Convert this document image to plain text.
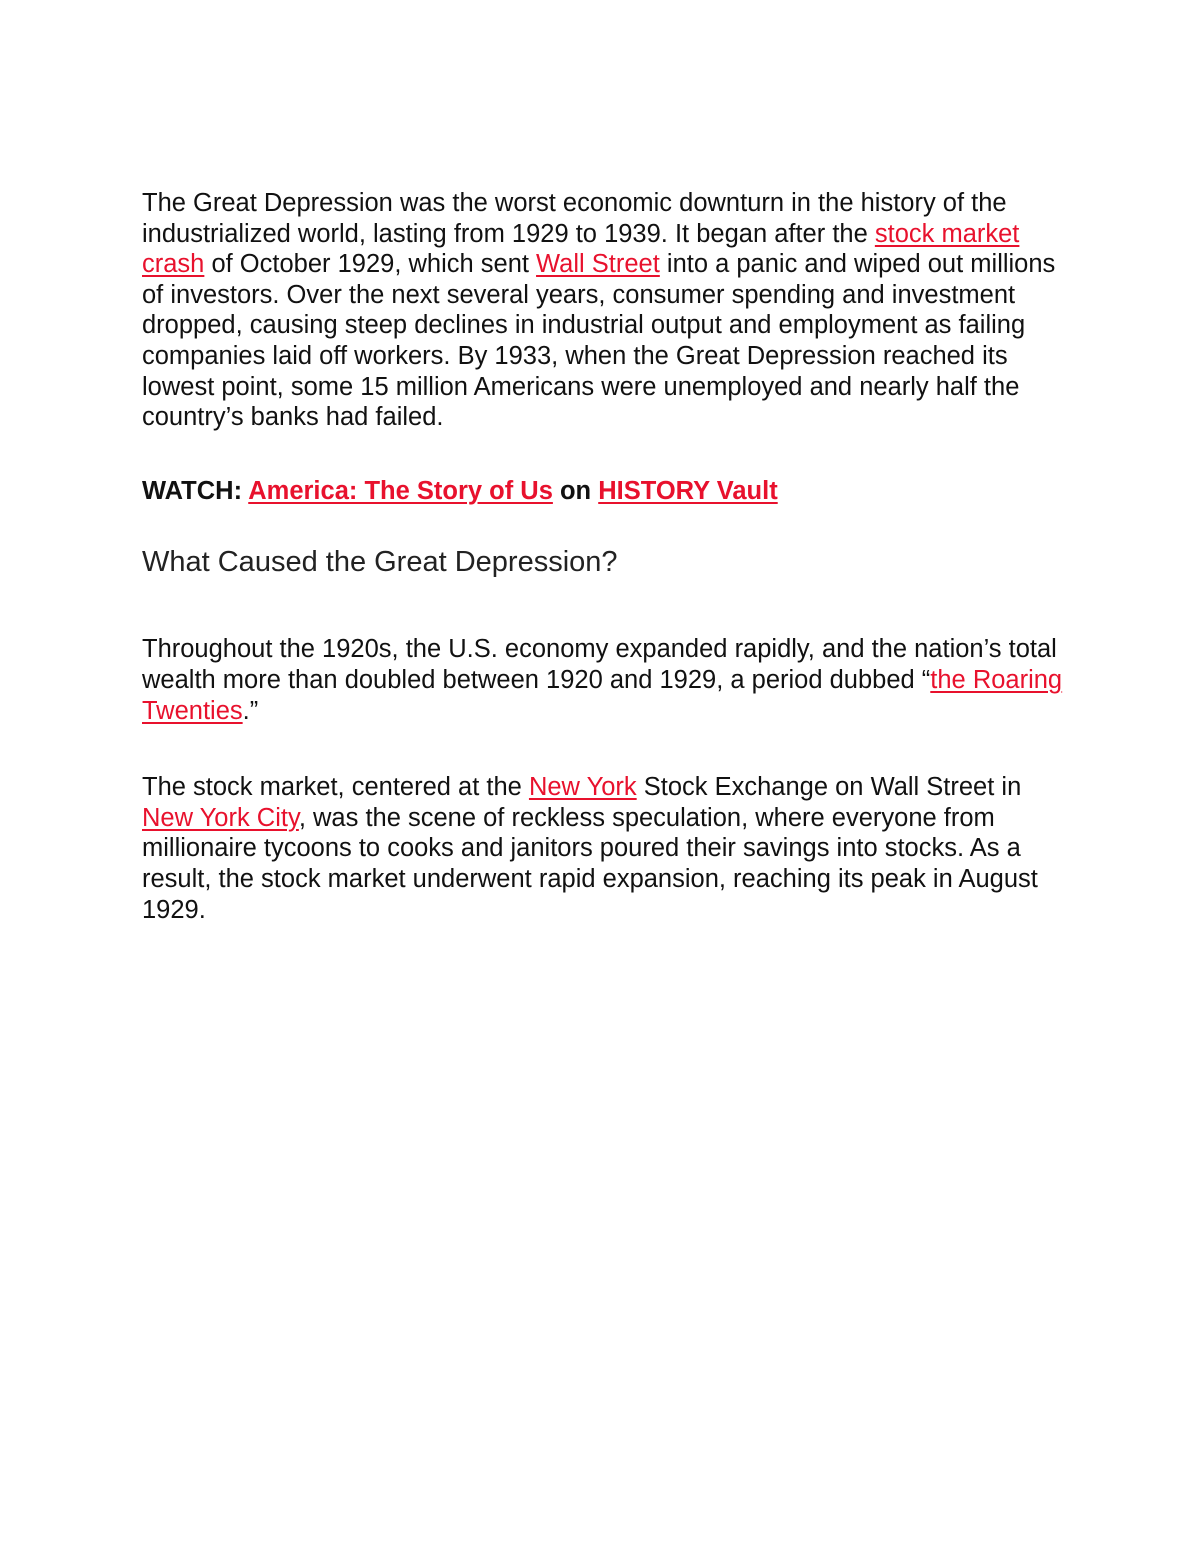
The Great Depression was the worst economic downturn in the history of the industrialized world, lasting from 1929 to 1939. It began after the stock market crash of October 1929, which sent Wall Street into a panic and wiped out millions of investors. Over the next several years, consumer spending and investment dropped, causing steep declines in industrial output and employment as failing companies laid off workers. By 1933, when the Great Depression reached its lowest point, some 15 million Americans were unemployed and nearly half the country’s banks had failed.

WATCH: America: The Story of Us on HISTORY Vault

What Caused the Great Depression?

Throughout the 1920s, the U.S. economy expanded rapidly, and the nation’s total wealth more than doubled between 1920 and 1929, a period dubbed “the Roaring Twenties.”

The stock market, centered at the New York Stock Exchange on Wall Street in New York City, was the scene of reckless speculation, where everyone from millionaire tycoons to cooks and janitors poured their savings into stocks. As a result, the stock market underwent rapid expansion, reaching its peak in August 1929.
